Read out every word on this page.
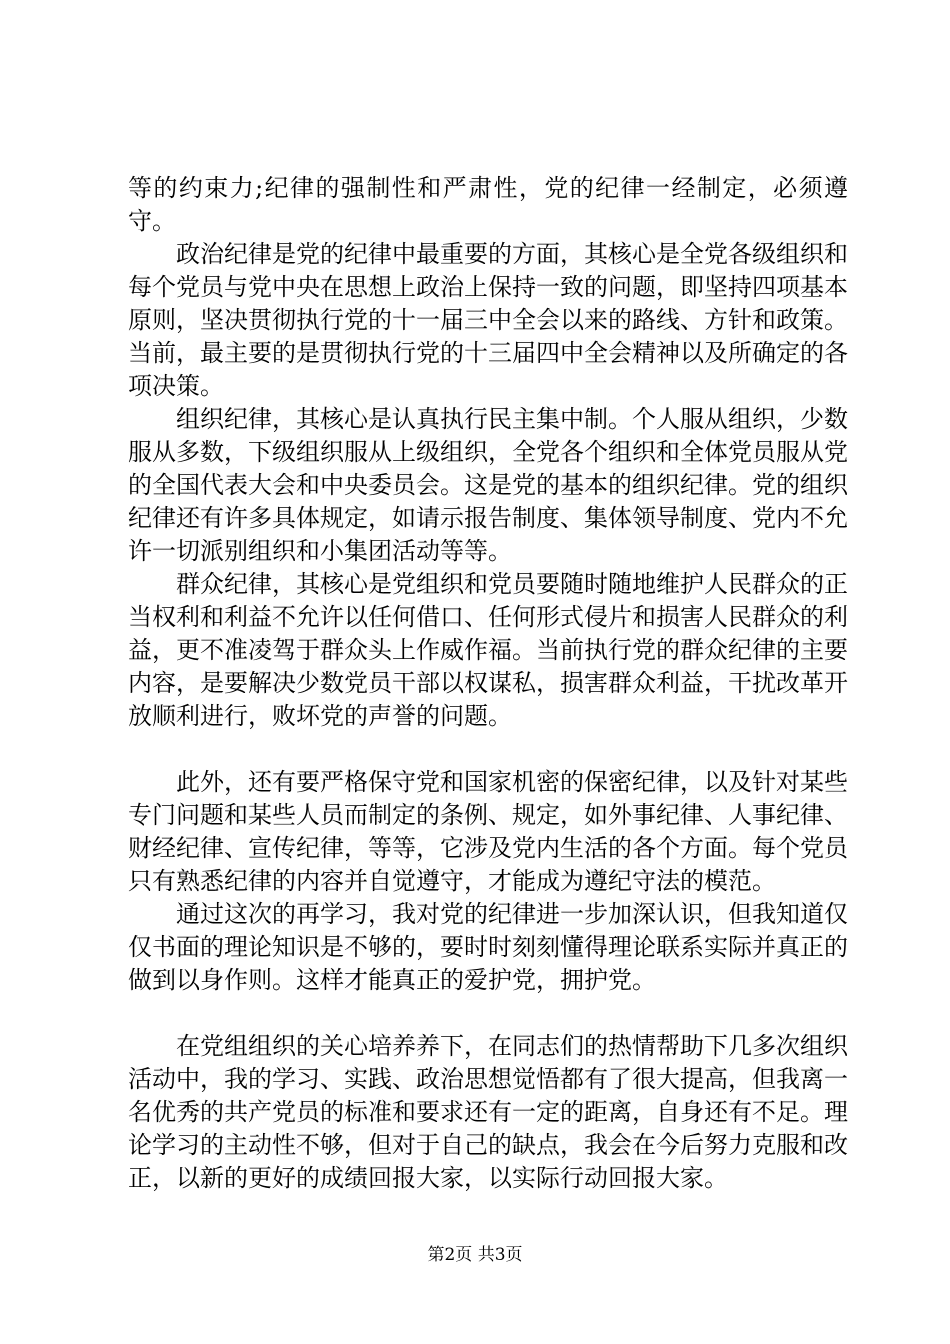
等的约束力;纪律的强制性和严肃性，党的纪律一经制定，必须遵守。

政治纪律是党的纪律中最重要的方面，其核心是全党各级组织和每个党员与党中央在思想上政治上保持一致的问题，即坚持四项基本原则，坚决贯彻执行党的十一届三中全会以来的路线、方针和政策。当前，最主要的是贯彻执行党的十三届四中全会精神以及所确定的各项决策。

组织纪律，其核心是认真执行民主集中制。个人服从组织，少数服从多数，下级组织服从上级组织，全党各个组织和全体党员服从党的全国代表大会和中央委员会。这是党的基本的组织纪律。党的组织纪律还有许多具体规定，如请示报告制度、集体领导制度、党内不允许一切派别组织和小集团活动等等。

群众纪律，其核心是党组织和党员要随时随地维护人民群众的正当权利和利益不允许以任何借口、任何形式侵片和损害人民群众的利益，更不准凌驾于群众头上作威作福。当前执行党的群众纪律的主要内容，是要解决少数党员干部以权谋私，损害群众利益，干扰改革开放顺利进行，败坏党的声誉的问题。

此外，还有要严格保守党和国家机密的保密纪律，以及针对某些专门问题和某些人员而制定的条例、规定，如外事纪律、人事纪律、财经纪律、宣传纪律，等等，它涉及党内生活的各个方面。每个党员只有熟悉纪律的内容并自觉遵守，才能成为遵纪守法的模范。

通过这次的再学习，我对党的纪律进一步加深认识，但我知道仅仅书面的理论知识是不够的，要时时刻刻懂得理论联系实际并真正的做到以身作则。这样才能真正的爱护党，拥护党。

在党组组织的关心培养养下，在同志们的热情帮助下几多次组织活动中，我的学习、实践、政治思想觉悟都有了很大提高，但我离一名优秀的共产党员的标准和要求还有一定的距离，自身还有不足。理论学习的主动性不够，但对于自己的缺点，我会在今后努力克服和改正，以新的更好的成绩回报大家，以实际行动回报大家。

第2页 共3页
